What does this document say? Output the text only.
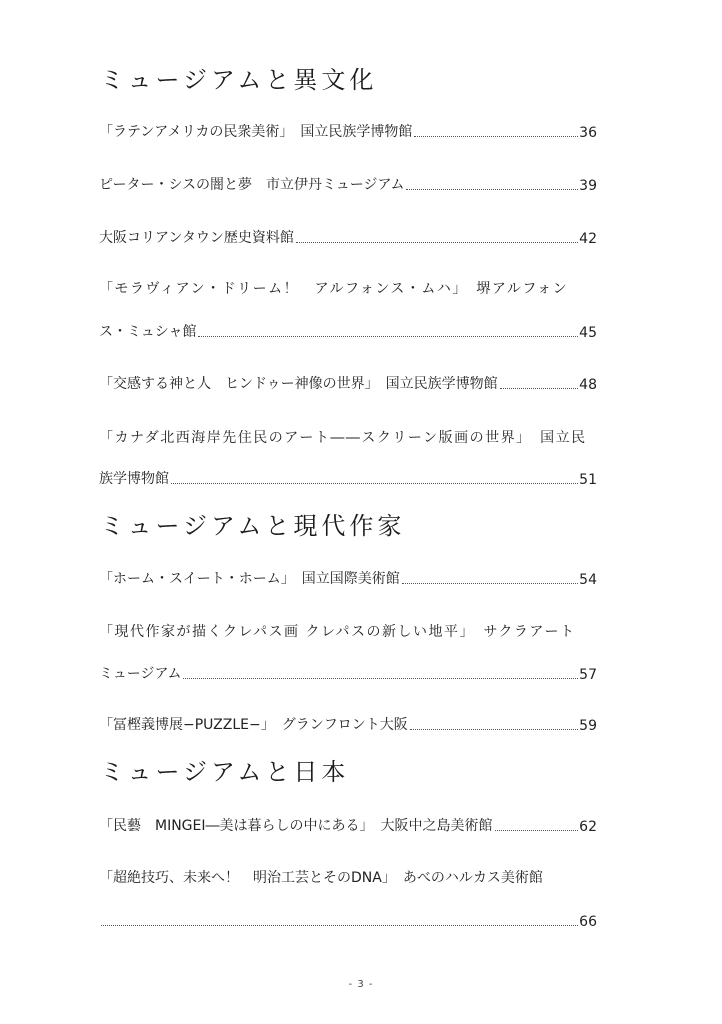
ミュージアムと異文化
「ラテンアメリカの民衆美術」　国立民族学博物館	36
ピーター・シスの闇と夢　市立伊丹ミュージアム	39
大阪コリアンタウン歴史資料館	42
「モラヴィアン・ドリーム！　アルフォンス・ムハ」　堺アルフォン
ス・ミュシャ館	45
「交感する神と人　ヒンドゥー神像の世界」　国立民族学博物館	48
「カナダ北西海岸先住民のアート――スクリーン版画の世界」　国立民
族学博物館	51
ミュージアムと現代作家
「ホーム・スイート・ホーム」　国立国際美術館	54
「現代作家が描くクレパス画 クレパスの新しい地平」　サクラアート
ミュージアム	57
「冨樫義博展−PUZZLE−」　グランフロント大阪	59
ミュージアムと日本
「民藝　MINGEI―美は暮らしの中にある」　大阪中之島美術館	62
「超絶技巧、未来へ！　明治工芸とそのDNA」　あべのハルカス美術館
66
- 3 -
